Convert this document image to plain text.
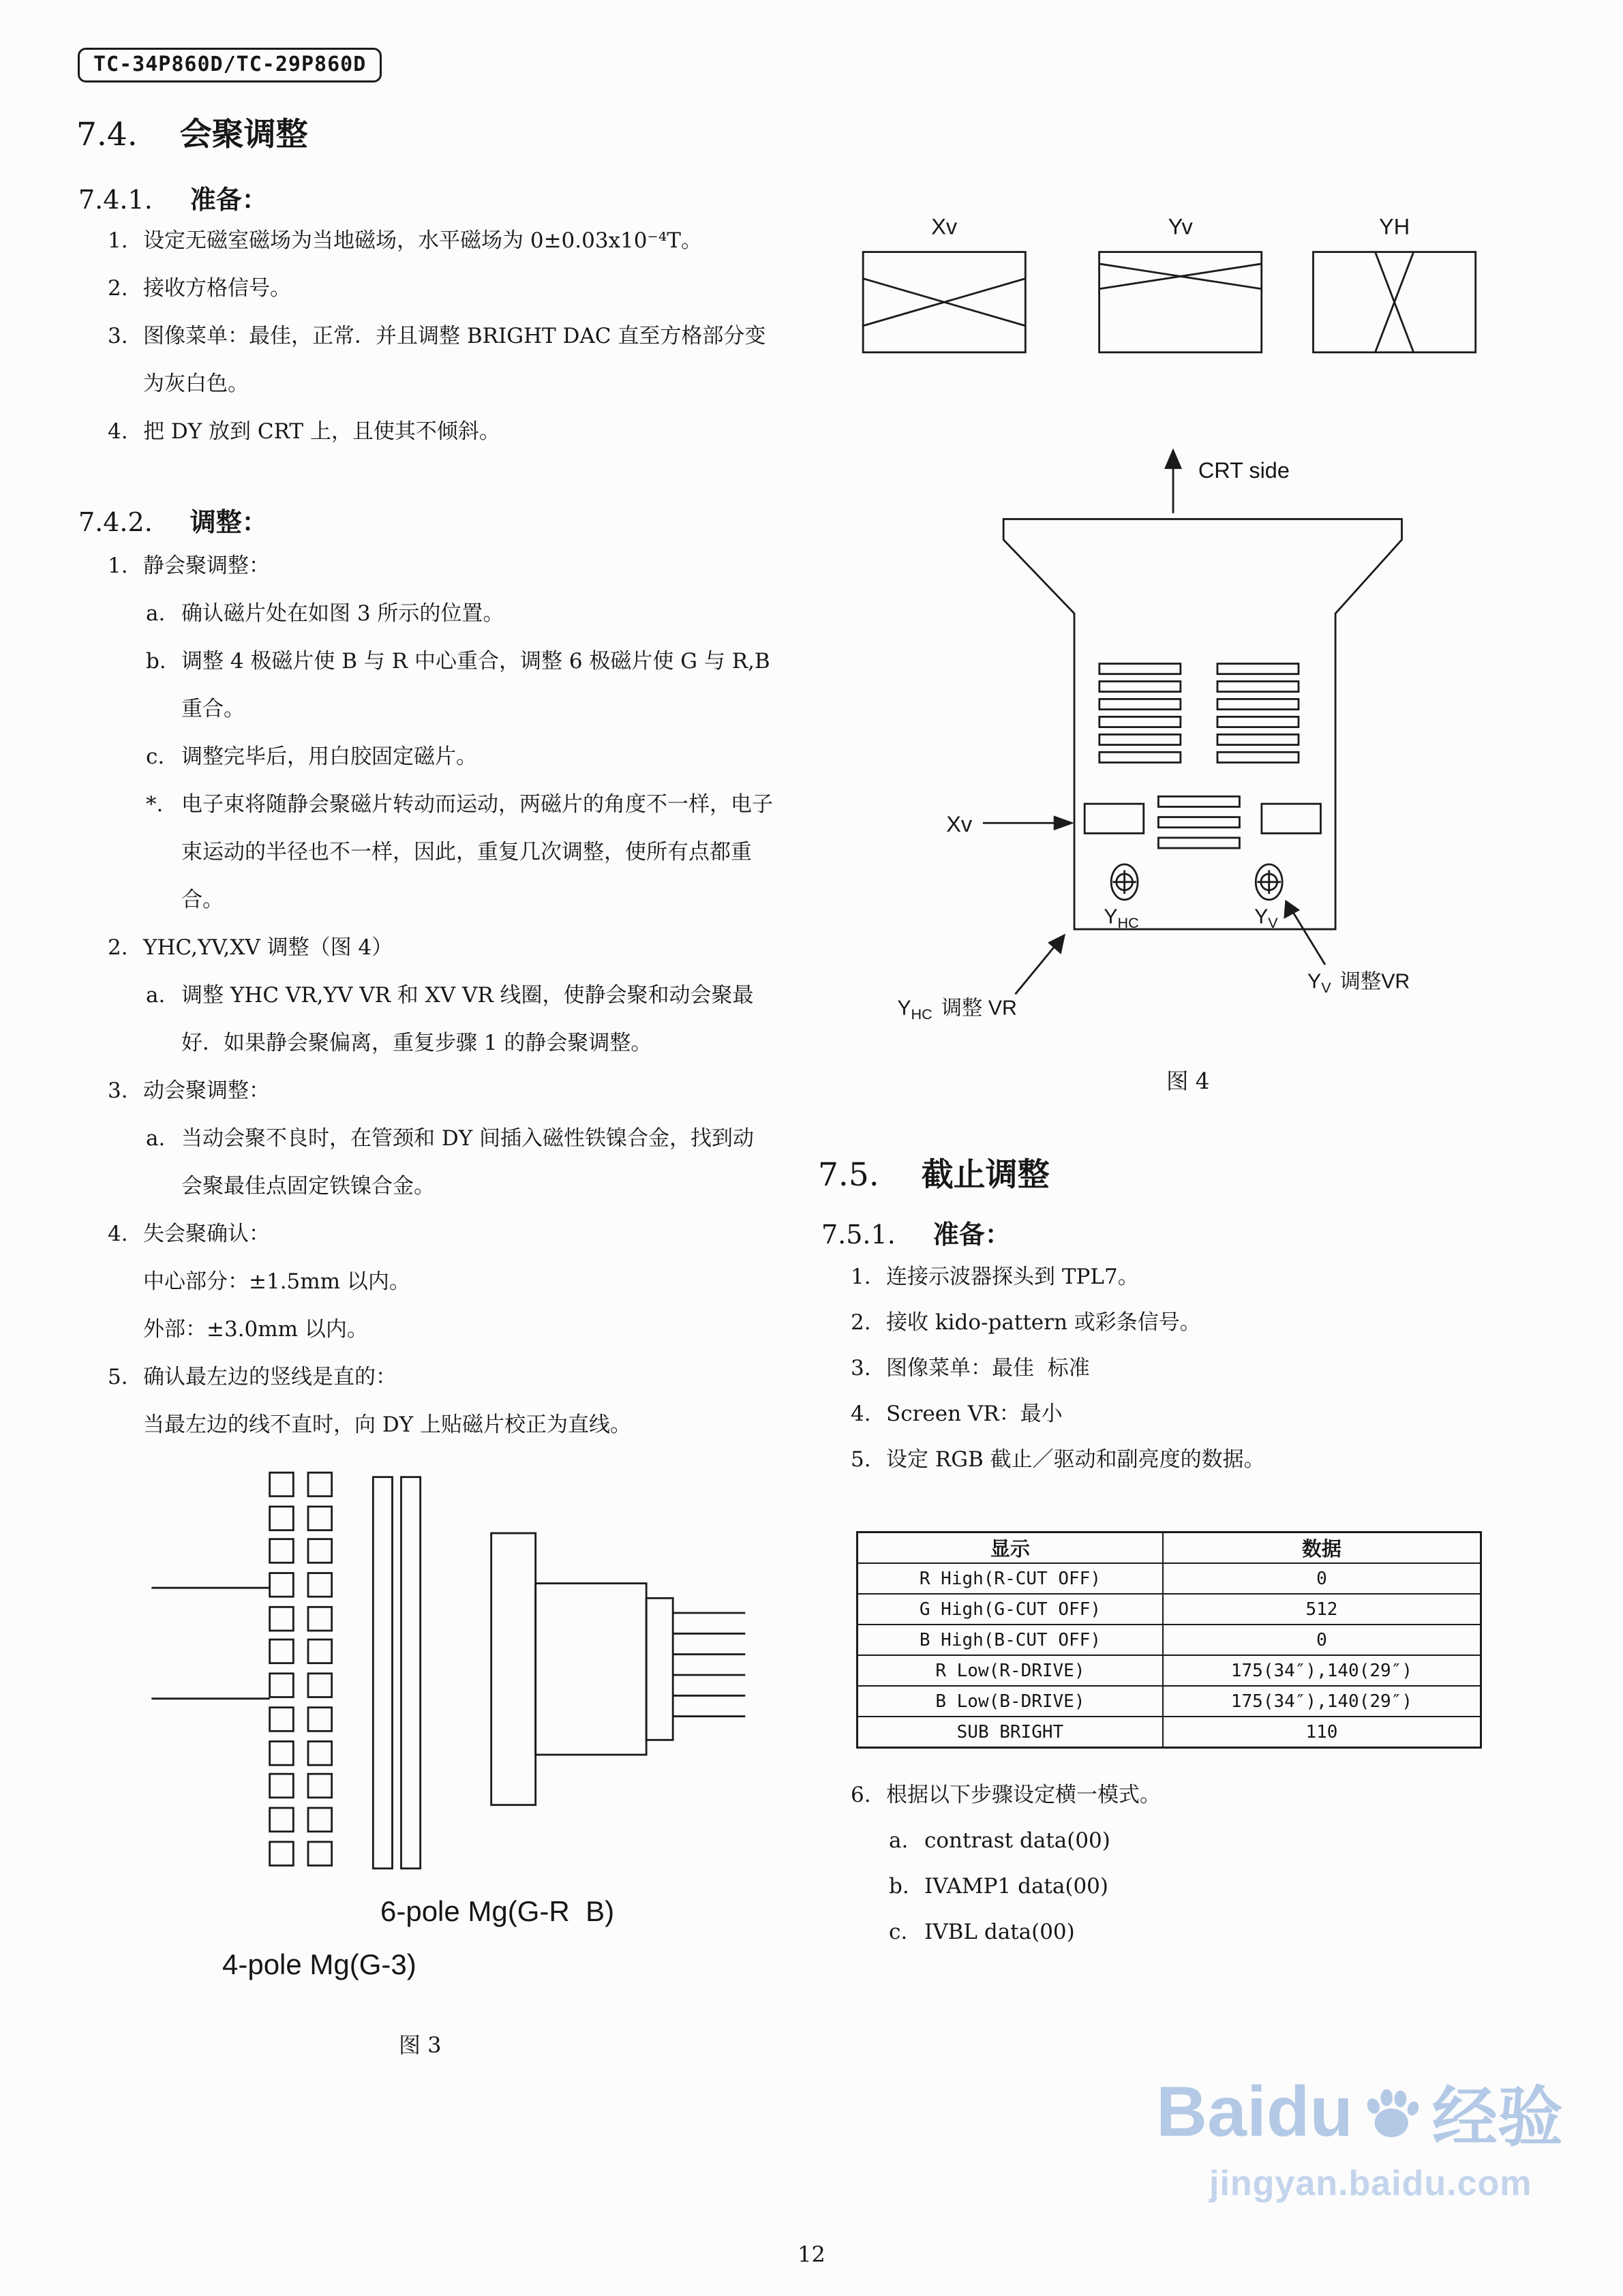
TC-34P860D/TC-29P860D
7.4. 会聚调整
7.4.1. 准备：
1. 设定无磁室磁场为当地磁场，水平磁场为 0±0.03x10⁻⁴T。
2. 接收方格信号。
3. 图像菜单：最佳，正常．并且调整 BRIGHT DAC 直至方格部分变为灰白色。
4. 把 DY 放到 CRT 上，且使其不倾斜。
7.4.2. 调整：
1. 静会聚调整：
a. 确认磁片处在如图 3 所示的位置。
b. 调整 4 极磁片使 B 与 R 中心重合，调整 6 极磁片使 G 与 R,B 重合。
c. 调整完毕后，用白胶固定磁片。
*. 电子束将随静会聚磁片转动而运动，两磁片的角度不一样，电子束运动的半径也不一样，因此，重复几次调整，使所有点都重合。
2. YHC,YV,XV 调整（图 4）
a. 调整 YHC VR,YV VR 和 XV VR 线圈，使静会聚和动会聚最好．如果静会聚偏离，重复步骤 1 的静会聚调整。
3. 动会聚调整：
a. 当动会聚不良时，在管颈和 DY 间插入磁性铁镍合金，找到动会聚最佳点固定铁镍合金。
4. 失会聚确认：
中心部分：±1.5mm 以内。
外部：±3.0mm 以内。
5. 确认最左边的竖线是直的：
当最左边的线不直时，向 DY 上贴磁片校正为直线。
6-pole Mg(G-R  B)
4-pole Mg(G-3)
图 3
Xv	Yv	YH
CRT side
$Y_{HC}$	$Y_V$
Xv
$Y_{HC}$ 调整 VR
$Y_V$ 调整VR
图 4
7.5. 截止调整
7.5.1. 准备：
1. 连接示波器探头到 TPL7。
2. 接收 kido-pattern 或彩条信号。
3. 图像菜单：最佳  标准
4. Screen VR：最小
5. 设定 RGB 截止／驱动和副亮度的数据。
显示	数据
R High(R-CUT OFF)	0
G High(G-CUT OFF)	512
B High(B-CUT OFF)	0
R Low(R-DRIVE)	175(34″),140(29″)
B Low(B-DRIVE)	175(34″),140(29″)
SUB BRIGHT	110
6. 根据以下步骤设定横一模式。
a. contrast data(00)
b. IVAMP1 data(00)
c. IVBL data(00)
Baidu 经验
jingyan.baidu.com
12
